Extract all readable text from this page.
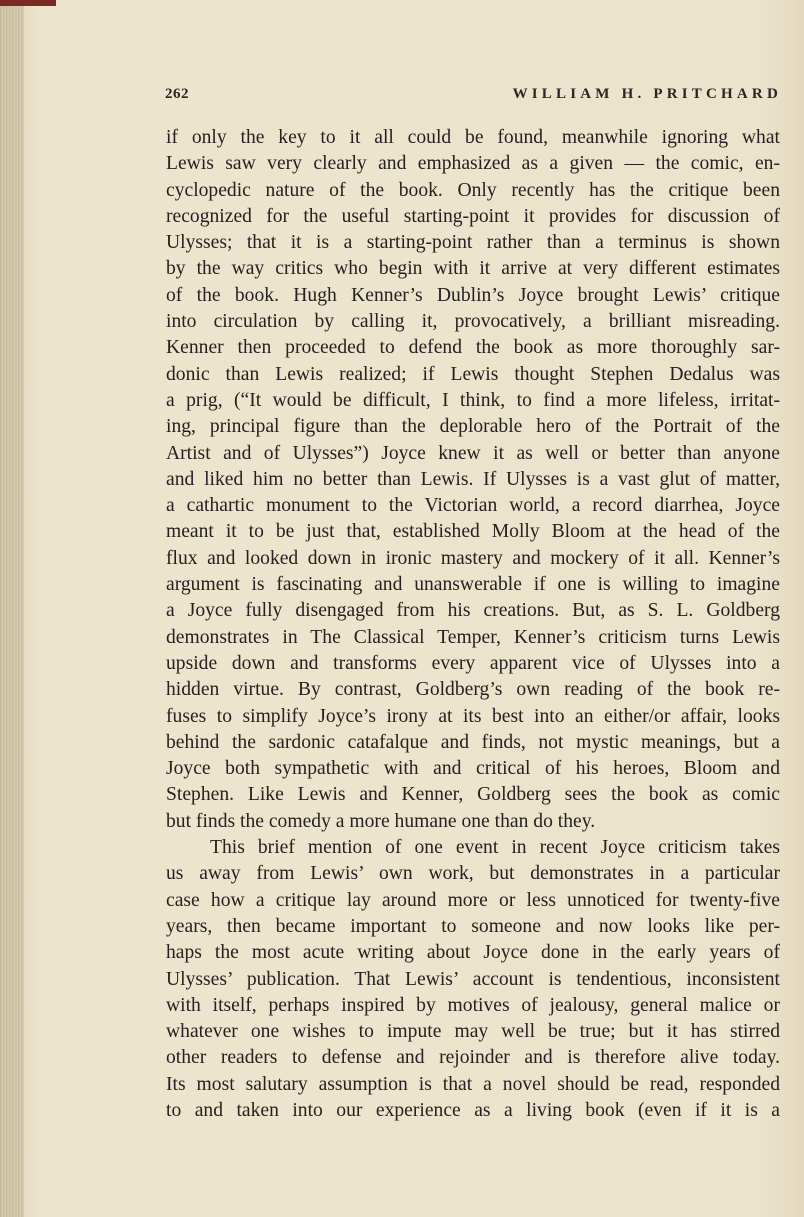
262	WILLIAM H. PRITCHARD
if only the key to it all could be found, meanwhile ignoring what
Lewis saw very clearly and emphasized as a given — the comic, en-
cyclopedic nature of the book. Only recently has the critique been
recognized for the useful starting-point it provides for discussion of
Ulysses; that it is a starting-point rather than a terminus is shown
by the way critics who begin with it arrive at very different estimates
of the book. Hugh Kenner’s Dublin’s Joyce brought Lewis’ critique
into circulation by calling it, provocatively, a brilliant misreading.
Kenner then proceeded to defend the book as more thoroughly sar-
donic than Lewis realized; if Lewis thought Stephen Dedalus was
a prig, (“It would be difficult, I think, to find a more lifeless, irritat-
ing, principal figure than the deplorable hero of the Portrait of the
Artist and of Ulysses”) Joyce knew it as well or better than anyone
and liked him no better than Lewis. If Ulysses is a vast glut of matter,
a cathartic monument to the Victorian world, a record diarrhea, Joyce
meant it to be just that, established Molly Bloom at the head of the
flux and looked down in ironic mastery and mockery of it all. Kenner’s
argument is fascinating and unanswerable if one is willing to imagine
a Joyce fully disengaged from his creations. But, as S. L. Goldberg
demonstrates in The Classical Temper, Kenner’s criticism turns Lewis
upside down and transforms every apparent vice of Ulysses into a
hidden virtue. By contrast, Goldberg’s own reading of the book re-
fuses to simplify Joyce’s irony at its best into an either/or affair, looks
behind the sardonic catafalque and finds, not mystic meanings, but a
Joyce both sympathetic with and critical of his heroes, Bloom and
Stephen. Like Lewis and Kenner, Goldberg sees the book as comic
but finds the comedy a more humane one than do they.
This brief mention of one event in recent Joyce criticism takes
us away from Lewis’ own work, but demonstrates in a particular
case how a critique lay around more or less unnoticed for twenty-five
years, then became important to someone and now looks like per-
haps the most acute writing about Joyce done in the early years of
Ulysses’ publication. That Lewis’ account is tendentious, inconsistent
with itself, perhaps inspired by motives of jealousy, general malice or
whatever one wishes to impute may well be true; but it has stirred
other readers to defense and rejoinder and is therefore alive today.
Its most salutary assumption is that a novel should be read, responded
to and taken into our experience as a living book (even if it is a
